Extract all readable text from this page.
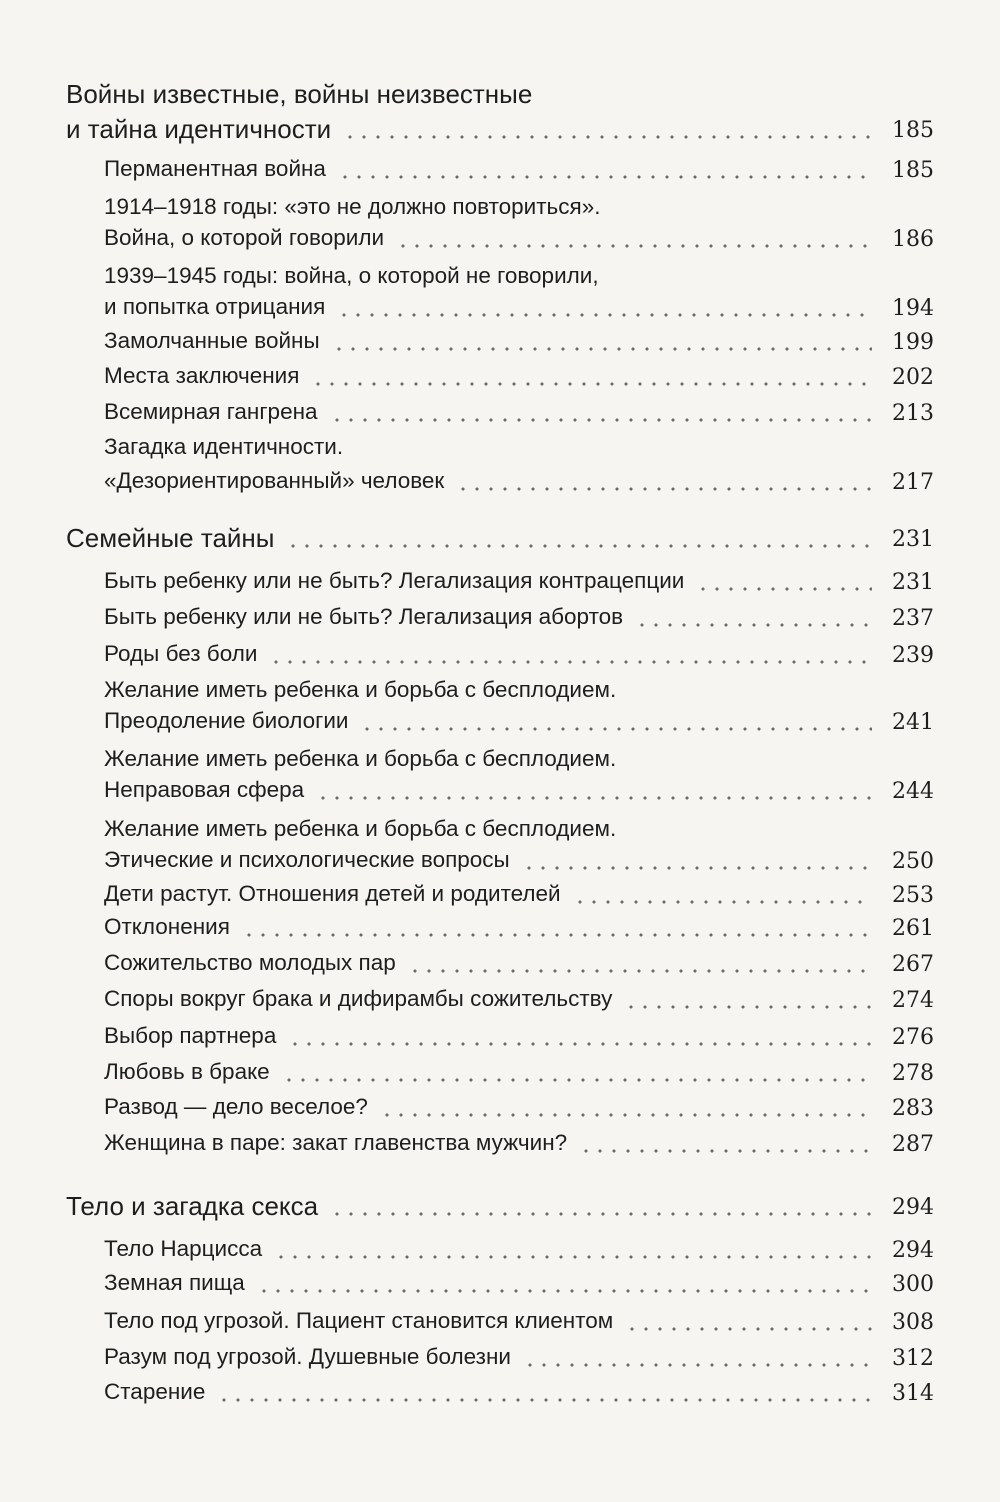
Войны известные, войны неизвестные
и тайна идентичности	185
Перманентная война	185
1914–1918 годы: «это не должно повториться».
Война, о которой говорили	186
1939–1945 годы: война, о которой не говорили,
и попытка отрицания	194
Замолчанные войны	199
Места заключения	202
Всемирная гангрена	213
Загадка идентичности.
«Дезориентированный» человек	217
Семейные тайны	231
Быть ребенку или не быть? Легализация контрацепции	231
Быть ребенку или не быть? Легализация абортов	237
Роды без боли	239
Желание иметь ребенка и борьба с бесплодием.
Преодоление биологии	241
Желание иметь ребенка и борьба с бесплодием.
Неправовая сфера	244
Желание иметь ребенка и борьба с бесплодием.
Этические и психологические вопросы	250
Дети растут. Отношения детей и родителей	253
Отклонения	261
Сожительство молодых пар	267
Споры вокруг брака и дифирамбы сожительству	274
Выбор партнера	276
Любовь в браке	278
Развод — дело веселое?	283
Женщина в паре: закат главенства мужчин?	287
Тело и загадка секса	294
Тело Нарцисса	294
Земная пища	300
Тело под угрозой. Пациент становится клиентом	308
Разум под угрозой. Душевные болезни	312
Старение	314
